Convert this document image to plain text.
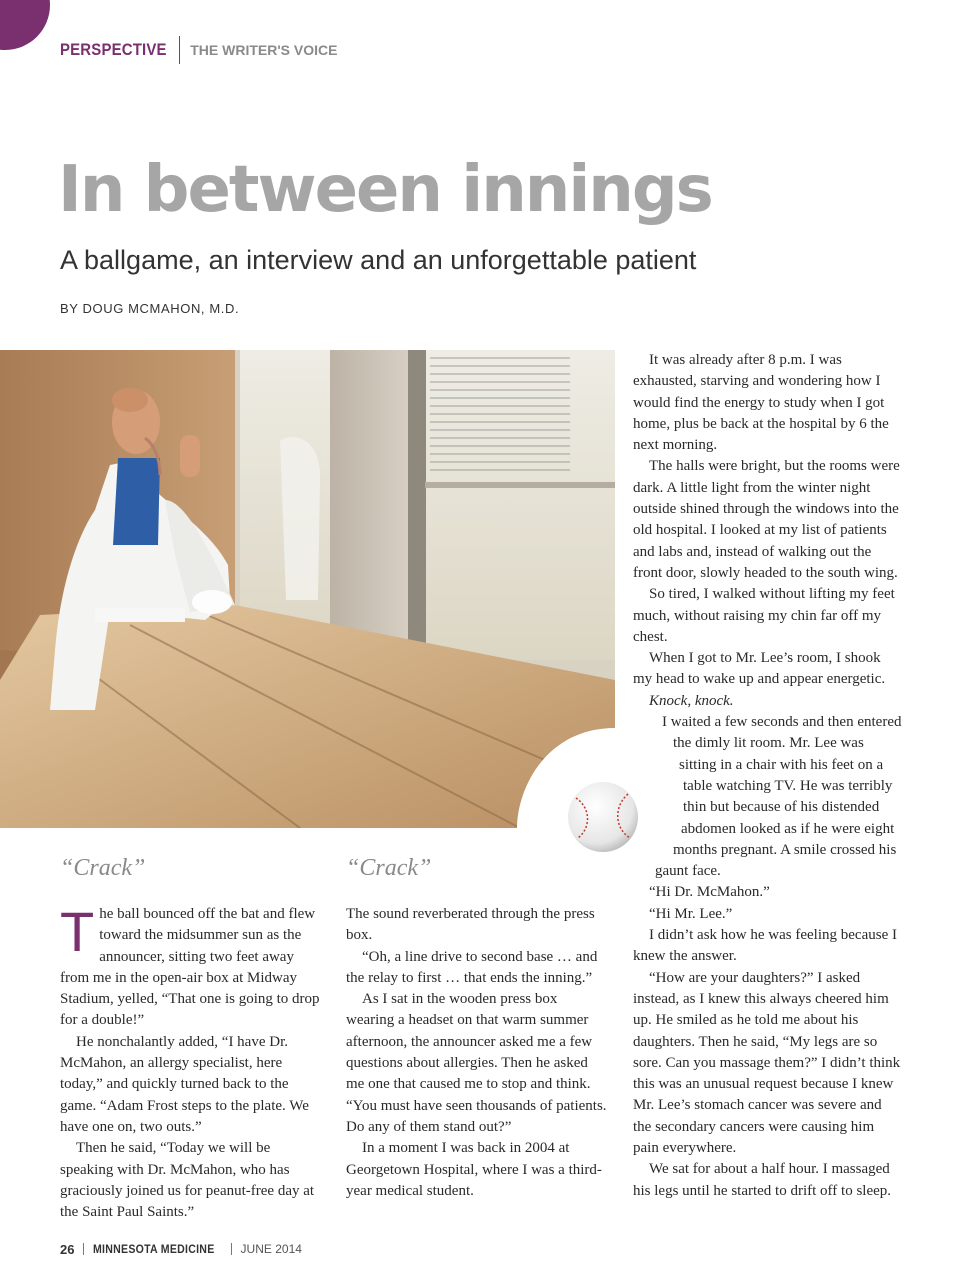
PERSPECTIVE THE WRITER'S VOICE
In between innings
A ballgame, an interview and an unforgettable patient
BY DOUG MCMAHON, M.D.
“Crack”	“Crack”

The ball bounced off the bat and flew toward the midsummer sun as the announcer, sitting two feet away from me in the open-air box at Midway Stadium, yelled, “That one is going to drop for a double!”

He nonchalantly added, “I have Dr. McMahon, an allergy specialist, here today,” and quickly turned back to the game. “Adam Frost steps to the plate. We have one on, two outs.”

Then he said, “Today we will be speaking with Dr. McMahon, who has graciously joined us for peanut-free day at the Saint Paul Saints.”

The sound reverberated through the press box.

“Oh, a line drive to second base … and the relay to first … that ends the inning.”

As I sat in the wooden press box wearing a headset on that warm summer afternoon, the announcer asked me a few questions about allergies. Then he asked me one that caused me to stop and think. “You must have seen thousands of patients. Do any of them stand out?”

In a moment I was back in 2004 at Georgetown Hospital, where I was a third-year medical student.

It was already after 8 p.m. I was exhausted, starving and wondering how I would find the energy to study when I got home, plus be back at the hospital by 6 the next morning.

The halls were bright, but the rooms were dark. A little light from the winter night outside shined through the windows into the old hospital. I looked at my list of patients and labs and, instead of walking out the front door, slowly headed to the south wing.

So tired, I walked without lifting my feet much, without raising my chin far off my chest.

When I got to Mr. Lee’s room, I shook my head to wake up and appear energetic.

Knock, knock.

I waited a few seconds and then entered the dimly lit room. Mr. Lee was sitting in a chair with his feet on a table watching TV. He was terribly thin but because of his distended abdomen looked as if he were eight months pregnant. A smile crossed his gaunt face.

“Hi Dr. McMahon.”

“Hi Mr. Lee.”

I didn’t ask how he was feeling because I knew the answer.

“How are your daughters?” I asked instead, as I knew this always cheered him up. He smiled as he told me about his daughters. Then he said, “My legs are so sore. Can you massage them?” I didn’t think this was an unusual request because I knew Mr. Lee’s stomach cancer was severe and the secondary cancers were causing him pain everywhere.

We sat for about a half hour. I massaged his legs until he started to drift off to sleep.

26 MINNESOTA MEDICINE JUNE 2014
